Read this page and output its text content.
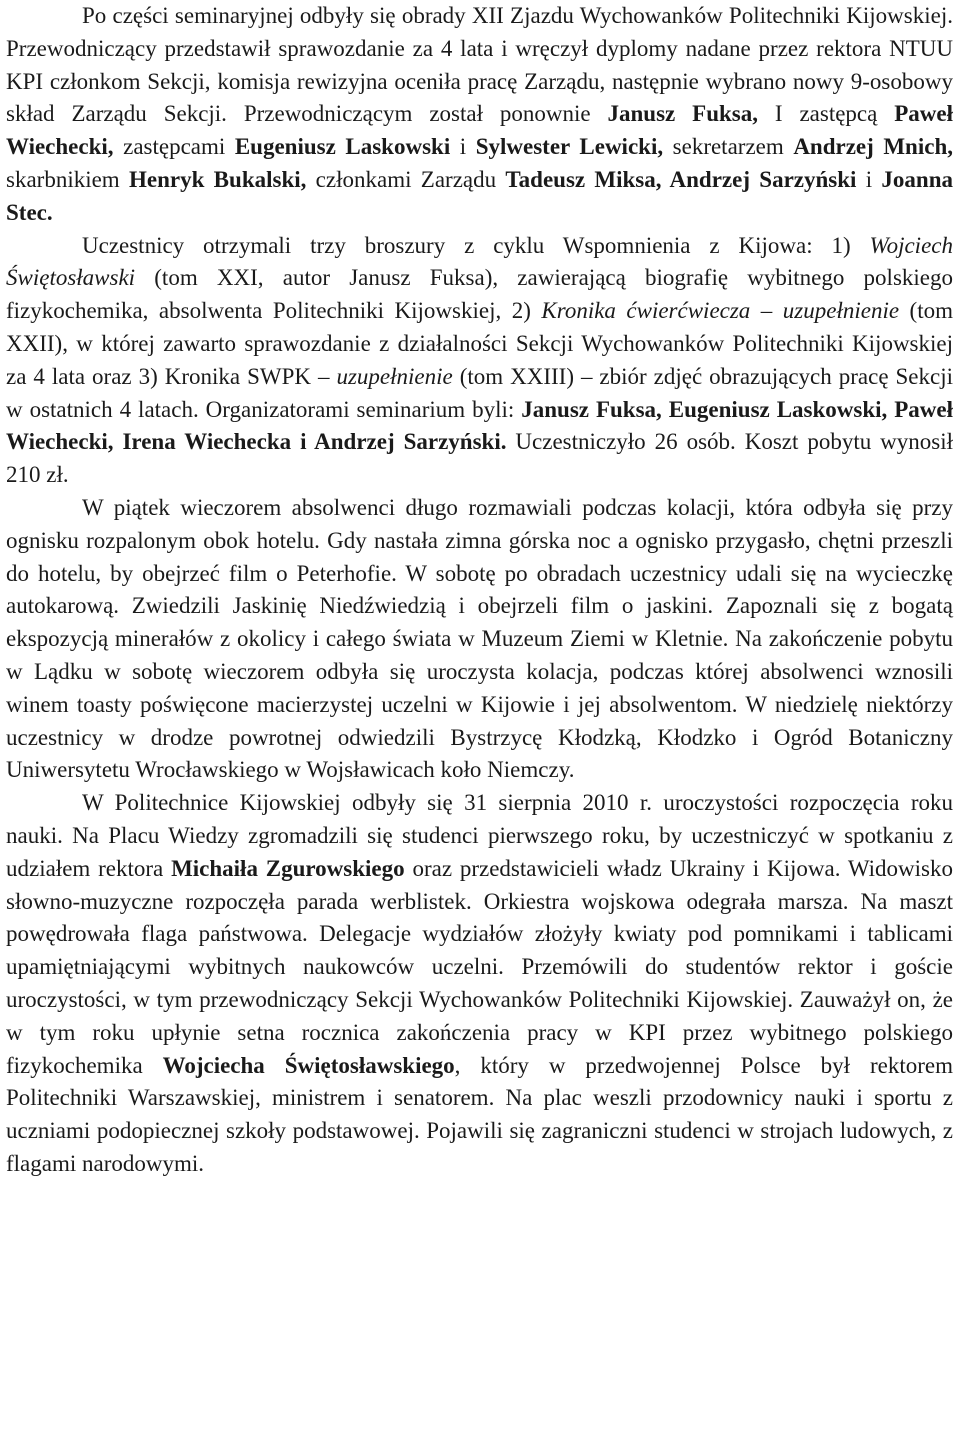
Po części seminaryjnej odbyły się obrady XII Zjazdu Wychowanków Politechniki Kijowskiej. Przewodniczący przedstawił sprawozdanie za 4 lata i wręczył dyplomy nadane przez rektora NTUU KPI członkom Sekcji, komisja rewizyjna oceniła pracę Zarządu, następnie wybrano nowy 9-osobowy skład Zarządu Sekcji. Przewodniczącym został ponownie Janusz Fuksa, I zastępcą Paweł Wiechecki, zastępcami Eugeniusz Laskowski i Sylwester Lewicki, sekretarzem Andrzej Mnich, skarbnikiem Henryk Bukalski, członkami Zarządu Tadeusz Miksa, Andrzej Sarzyński i Joanna Stec.

Uczestnicy otrzymali trzy broszury z cyklu Wspomnienia z Kijowa: 1) Wojciech Świętosławski (tom XXI, autor Janusz Fuksa), zawierającą biografię wybitnego polskiego fizykochemika, absolwenta Politechniki Kijowskiej, 2) Kronika ćwierćwiecza – uzupełnienie (tom XXII), w której zawarto sprawozdanie z działalności Sekcji Wychowanków Politechniki Kijowskiej za 4 lata oraz 3) Kronika SWPK – uzupełnienie (tom XXIII) – zbiór zdjęć obrazujących pracę Sekcji w ostatnich 4 latach. Organizatorami seminarium byli: Janusz Fuksa, Eugeniusz Laskowski, Paweł Wiechecki, Irena Wiechecka i Andrzej Sarzyński. Uczestniczyło 26 osób. Koszt pobytu wynosił 210 zł.

W piątek wieczorem absolwenci długo rozmawiali podczas kolacji, która odbyła się przy ognisku rozpalonym obok hotelu. Gdy nastała zimna górska noc a ognisko przygasło, chętni przeszli do hotelu, by obejrzeć film o Peterhofie. W sobotę po obradach uczestnicy udali się na wycieczkę autokarową. Zwiedzili Jaskinię Niedźwiedzią i obejrzeli film o jaskini. Zapoznali się z bogatą ekspozycją minerałów z okolicy i całego świata w Muzeum Ziemi w Kletnie. Na zakończenie pobytu w Lądku w sobotę wieczorem odbyła się uroczysta kolacja, podczas której absolwenci wznosili winem toasty poświęcone macierzystej uczelni w Kijowie i jej absolwentom. W niedzielę niektórzy uczestnicy w drodze powrotnej odwiedzili Bystrzycę Kłodzką, Kłodzko i Ogród Botaniczny Uniwersytetu Wrocławskiego w Wojsławicach koło Niemczy.

W Politechnice Kijowskiej odbyły się 31 sierpnia 2010 r. uroczystości rozpoczęcia roku nauki. Na Placu Wiedzy zgromadzili się studenci pierwszego roku, by uczestniczyć w spotkaniu z udziałem rektora Michaiła Zgurowskiego oraz przedstawicieli władz Ukrainy i Kijowa. Widowisko słowno-muzyczne rozpoczęła parada werblistek. Orkiestra wojskowa odegrała marsza. Na maszt powędrowała flaga państwowa. Delegacje wydziałów złożyły kwiaty pod pomnikami i tablicami upamiętniającymi wybitnych naukowców uczelni. Przemówili do studentów rektor i goście uroczystości, w tym przewodniczący Sekcji Wychowanków Politechniki Kijowskiej. Zauważył on, że w tym roku upłynie setna rocznica zakończenia pracy w KPI przez wybitnego polskiego fizykochemika Wojciecha Świętosławskiego, który w przedwojennej Polsce był rektorem Politechniki Warszawskiej, ministrem i senatorem. Na plac weszli przodownicy nauki i sportu z uczniami podopiecznej szkoły podstawowej. Pojawili się zagraniczni studenci w strojach ludowych, z flagami narodowymi.
